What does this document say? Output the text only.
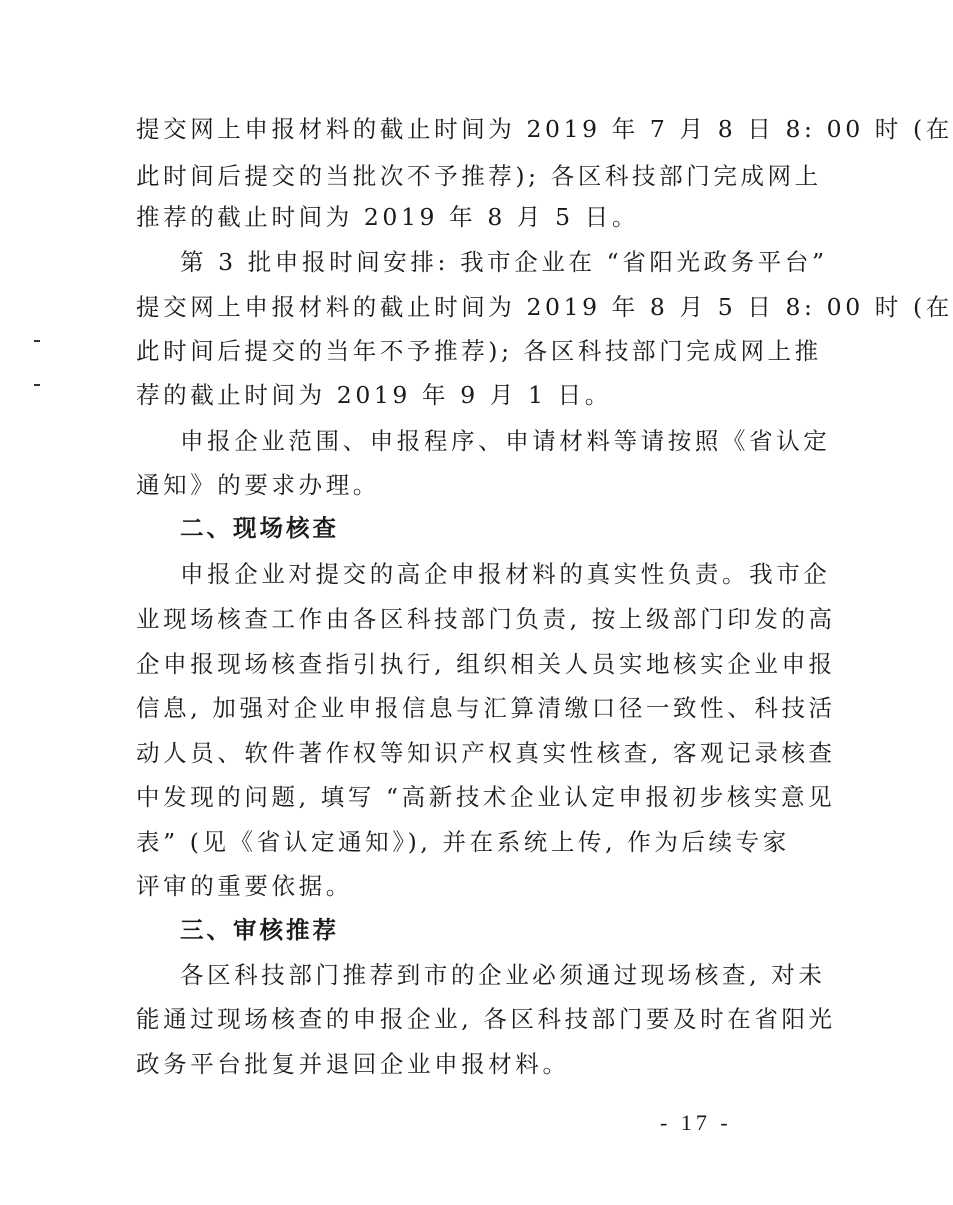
提交网上申报材料的截止时间为 2019 年 7 月 8 日 8: 00 时 (在
此时间后提交的当批次不予推荐); 各区科技部门完成网上
推荐的截止时间为 2019 年 8 月 5 日。
第 3 批申报时间安排: 我市企业在 “省阳光政务平台”
提交网上申报材料的截止时间为 2019 年 8 月 5 日 8: 00 时 (在
此时间后提交的当年不予推荐); 各区科技部门完成网上推
荐的截止时间为 2019 年 9 月 1 日。
申报企业范围、申报程序、申请材料等请按照《省认定
通知》的要求办理。
二、现场核查
申报企业对提交的高企申报材料的真实性负责。我市企
业现场核查工作由各区科技部门负责, 按上级部门印发的高
企申报现场核查指引执行, 组织相关人员实地核实企业申报
信息, 加强对企业申报信息与汇算清缴口径一致性、科技活
动人员、软件著作权等知识产权真实性核查, 客观记录核查
中发现的问题, 填写 “高新技术企业认定申报初步核实意见
表” (见《省认定通知》), 并在系统上传, 作为后续专家
评审的重要依据。
三、审核推荐
各区科技部门推荐到市的企业必须通过现场核查, 对未
能通过现场核查的申报企业, 各区科技部门要及时在省阳光
政务平台批复并退回企业申报材料。
- 17 -
